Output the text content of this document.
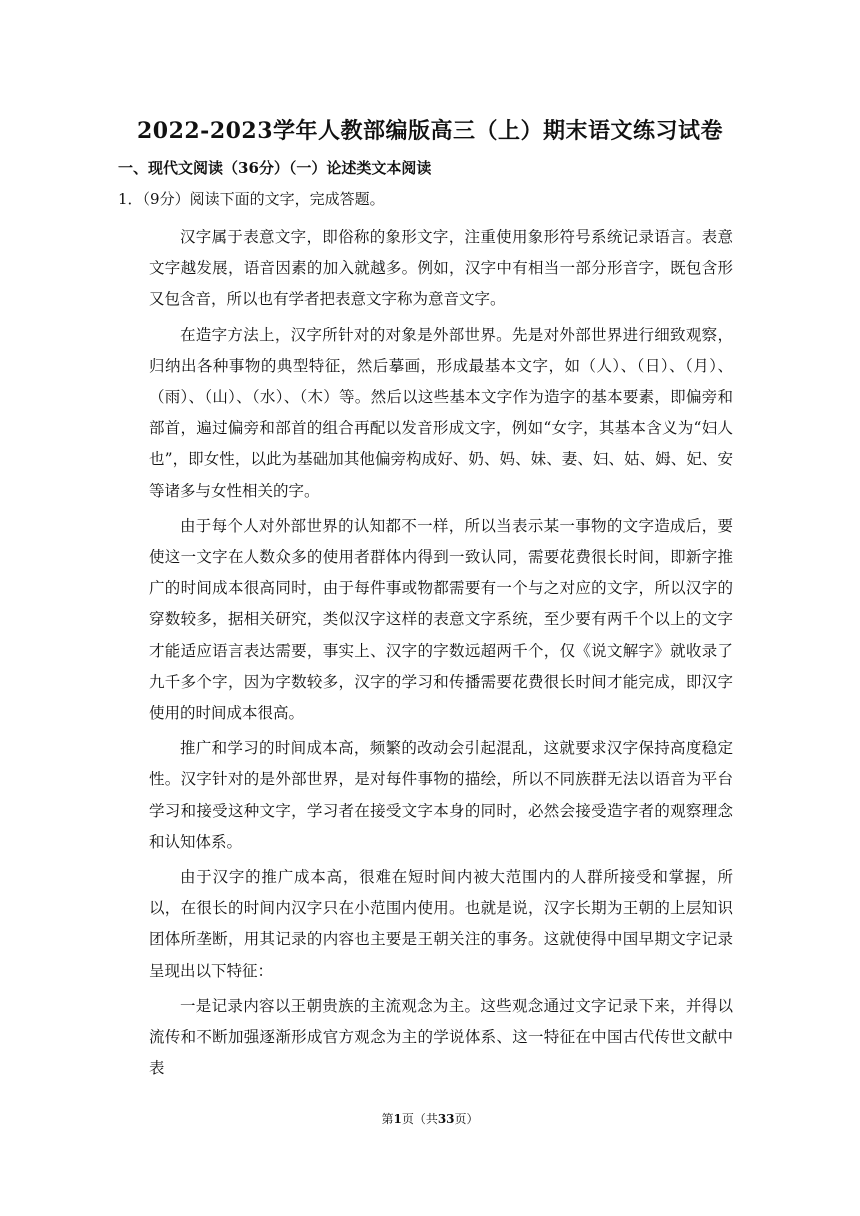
2022-2023学年人教部编版高三（上）期末语文练习试卷
一、现代文阅读（36分）（一）论述类文本阅读
1．（9分）阅读下面的文字，完成答题。

汉字属于表意文字，即俗称的象形文字，注重使用象形符号系统记录语言。表意文字越发展，语音因素的加入就越多。例如，汉字中有相当一部分形音字，既包含形又包含音，所以也有学者把表意文字称为意音文字。

在造字方法上，汉字所针对的对象是外部世界。先是对外部世界进行细致观察，归纳出各种事物的典型特征，然后摹画，形成最基本文字，如（人）、（日）、（月）、（雨）、（山）、（水）、（木）等。然后以这些基本文字作为造字的基本要素，即偏旁和部首，遍过偏旁和部首的组合再配以发音形成文字，例如“女字，其基本含义为“妇人也”，即女性，以此为基础加其他偏旁构成好、奶、妈、妹、妻、妇、姑、姆、妃、安等诸多与女性相关的字。

由于每个人对外部世界的认知都不一样，所以当表示某一事物的文字造成后，要使这一文字在人数众多的使用者群体内得到一致认同，需要花费很长时间，即新字推广的时间成本很高同时，由于每件事或物都需要有一个与之对应的文字，所以汉字的穿数较多，据相关研究，类似汉字这样的表意文字系统，至少要有两千个以上的文字才能适应语言表达需要，事实上、汉字的字数远超两千个，仅《说文解字》就收录了九千多个字，因为字数较多，汉字的学习和传播需要花费很长时间才能完成，即汉字使用的时间成本很高。

推广和学习的时间成本高，频繁的改动会引起混乱，这就要求汉字保持高度稳定性。汉字针对的是外部世界，是对每件事物的描绘，所以不同族群无法以语音为平台学习和接受这种文字，学习者在接受文字本身的同时，必然会接受造字者的观察理念和认知体系。

由于汉字的推广成本高，很难在短时间内被大范围内的人群所接受和掌握，所以，在很长的时间内汉字只在小范围内使用。也就是说，汉字长期为王朝的上层知识团体所垄断，用其记录的内容也主要是王朝关注的事务。这就使得中国早期文字记录呈现出以下特征：

一是记录内容以王朝贵族的主流观念为主。这些观念通过文字记录下来，并得以流传和不断加强逐渐形成官方观念为主的学说体系、这一特征在中国古代传世文献中表

第1页（共33页）
